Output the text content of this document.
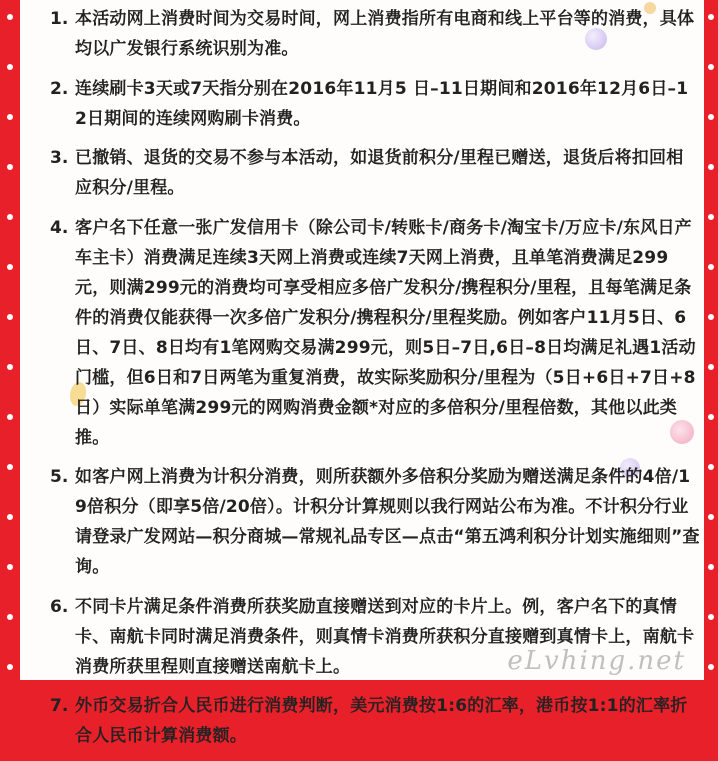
1. 本活动网上消费时间为交易时间，网上消费指所有电商和线上平台等的消费，具体均以广发银行系统识别为准。
2. 连续刷卡3天或7天指分别在2016年11月5 日–11日期间和2016年12月6日–12日期间的连续网购刷卡消费。
3. 已撤销、退货的交易不参与本活动，如退货前积分/里程已赠送，退货后将扣回相应积分/里程。
4. 客户名下任意一张广发信用卡（除公司卡/转账卡/商务卡/淘宝卡/万应卡/东风日产车主卡）消费满足连续3天网上消费或连续7天网上消费，且单笔消费满足299元，则满299元的消费均可享受相应多倍广发积分/携程积分/里程，且每笔满足条件的消费仅能获得一次多倍广发积分/携程积分/里程奖励。例如客户11月5日、6日、7日、8日均有1笔网购交易满299元，则5日–7日,6日–8日均满足礼遇1活动门槛，但6日和7日两笔为重复消费，故实际奖励积分/里程为（5日+6日+7日+8日）实际单笔满299元的网购消费金额*对应的多倍积分/里程倍数，其他以此类推。
5. 如客户网上消费为计积分消费，则所获额外多倍积分奖励为赠送满足条件的4倍/19倍积分（即享5倍/20倍）。计积分计算规则以我行网站公布为准。不计积分行业请登录广发网站—积分商城—常规礼品专区—点击“第五鸿利积分计划实施细则”查询。
6. 不同卡片满足条件消费所获奖励直接赠送到对应的卡片上。例，客户名下的真情卡、南航卡同时满足消费条件，则真情卡消费所获积分直接赠到真情卡上，南航卡消费所获里程则直接赠送南航卡上。
7. 外币交易折合人民币进行消费判断，美元消费按1:6的汇率，港币按1:1的汇率折合人民币计算消费额。
eLvhing.net
